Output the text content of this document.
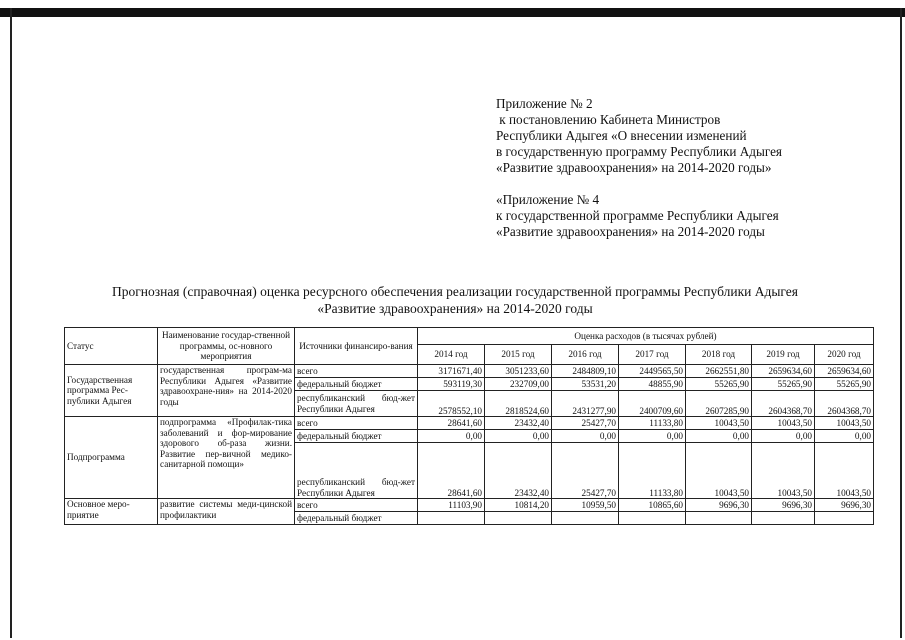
Приложение № 2
к постановлению Кабинета Министров
Республики Адыгея «О внесении изменений
в государственную программу Республики Адыгея
«Развитие здравоохранения» на 2014-2020 годы»
«Приложение № 4
к государственной программе Республики Адыгея
«Развитие здравоохранения» на 2014-2020 годы
Прогнозная (справочная) оценка ресурсного обеспечения реализации государственной программы Республики Адыгея
«Развитие здравоохранения» на 2014-2020 годы
Статус	Наименование государ-ственной программы, ос-новного мероприятия	Источники финансиро-вания	Оценка расходов (в тысячах рублей)						
			2014 год	2015 год	2016 год	2017 год	2018 год	2019 год	2020 год
Государственная программа Рес-публики Адыгея	государственная програм-ма Республики Адыгея «Развитие здравоохране-ния» на 2014-2020 годы	всего	3171671,40	3051233,60	2484809,10	2449565,50	2662551,80	2659634,60	2659634,60
		федеральный бюджет	593119,30	232709,00	53531,20	48855,90	55265,90	55265,90	55265,90
		республиканский бюд-жет Республики Адыгея	2578552,10	2818524,60	2431277,90	2400709,60	2607285,90	2604368,70	2604368,70
Подпрограмма	подпрограмма «Профилак-тика заболеваний и фор-мирование здорового об-раза жизни. Развитие пер-вичной медико-санитарной помощи»	всего	28641,60	23432,40	25427,70	11133,80	10043,50	10043,50	10043,50
		федеральный бюджет	0,00	0,00	0,00	0,00	0,00	0,00	0,00
		республиканский бюд-жет Республики Адыгея	28641,60	23432,40	25427,70	11133,80	10043,50	10043,50	10043,50
Основное меро-приятие	развитие системы меди-цинской профилактики	всего	11103,90	10814,20	10959,50	10865,60	9696,30	9696,30	9696,30
		федеральный бюджет							
